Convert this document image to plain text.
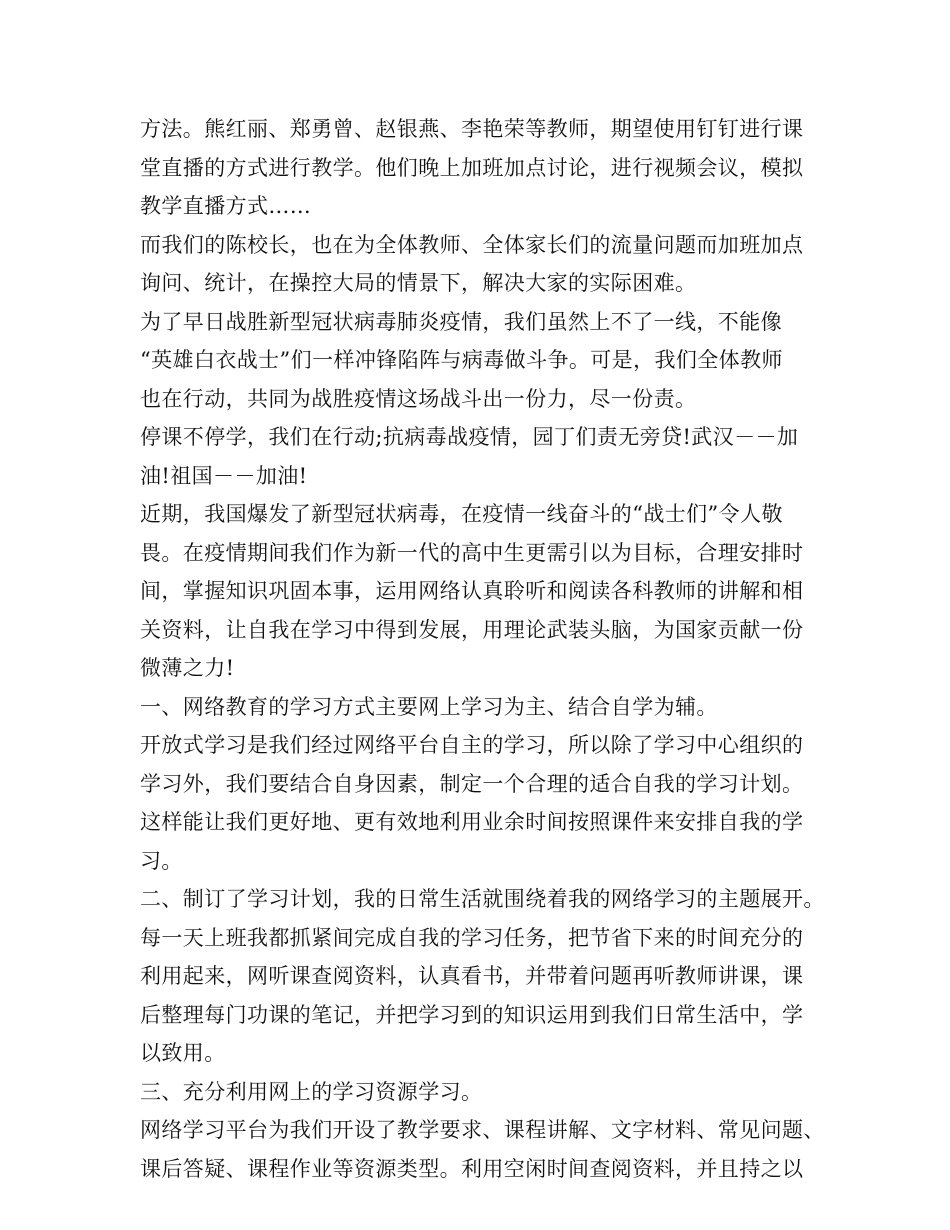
方法。熊红丽、郑勇曾、赵银燕、李艳荣等教师，期望使用钉钉进行课
堂直播的方式进行教学。他们晚上加班加点讨论，进行视频会议，模拟
教学直播方式……
而我们的陈校长，也在为全体教师、全体家长们的流量问题而加班加点
询问、统计，在操控大局的情景下，解决大家的实际困难。
为了早日战胜新型冠状病毒肺炎疫情，我们虽然上不了一线，不能像
“英雄白衣战士”们一样冲锋陷阵与病毒做斗争。可是，我们全体教师
也在行动，共同为战胜疫情这场战斗出一份力，尽一份责。
停课不停学，我们在行动;抗病毒战疫情，园丁们责无旁贷!武汉－－加
油!祖国－－加油!
近期，我国爆发了新型冠状病毒，在疫情一线奋斗的“战士们”令人敬
畏。在疫情期间我们作为新一代的高中生更需引以为目标，合理安排时
间，掌握知识巩固本事，运用网络认真聆听和阅读各科教师的讲解和相
关资料，让自我在学习中得到发展，用理论武装头脑，为国家贡献一份
微薄之力!
一、网络教育的学习方式主要网上学习为主、结合自学为辅。
开放式学习是我们经过网络平台自主的学习，所以除了学习中心组织的
学习外，我们要结合自身因素，制定一个合理的适合自我的学习计划。
这样能让我们更好地、更有效地利用业余时间按照课件来安排自我的学
习。
二、制订了学习计划，我的日常生活就围绕着我的网络学习的主题展开。
每一天上班我都抓紧间完成自我的学习任务，把节省下来的时间充分的
利用起来，网听课查阅资料，认真看书，并带着问题再听教师讲课，课
后整理每门功课的笔记，并把学习到的知识运用到我们日常生活中，学
以致用。
三、充分利用网上的学习资源学习。
网络学习平台为我们开设了教学要求、课程讲解、文字材料、常见问题、
课后答疑、课程作业等资源类型。利用空闲时间查阅资料，并且持之以
